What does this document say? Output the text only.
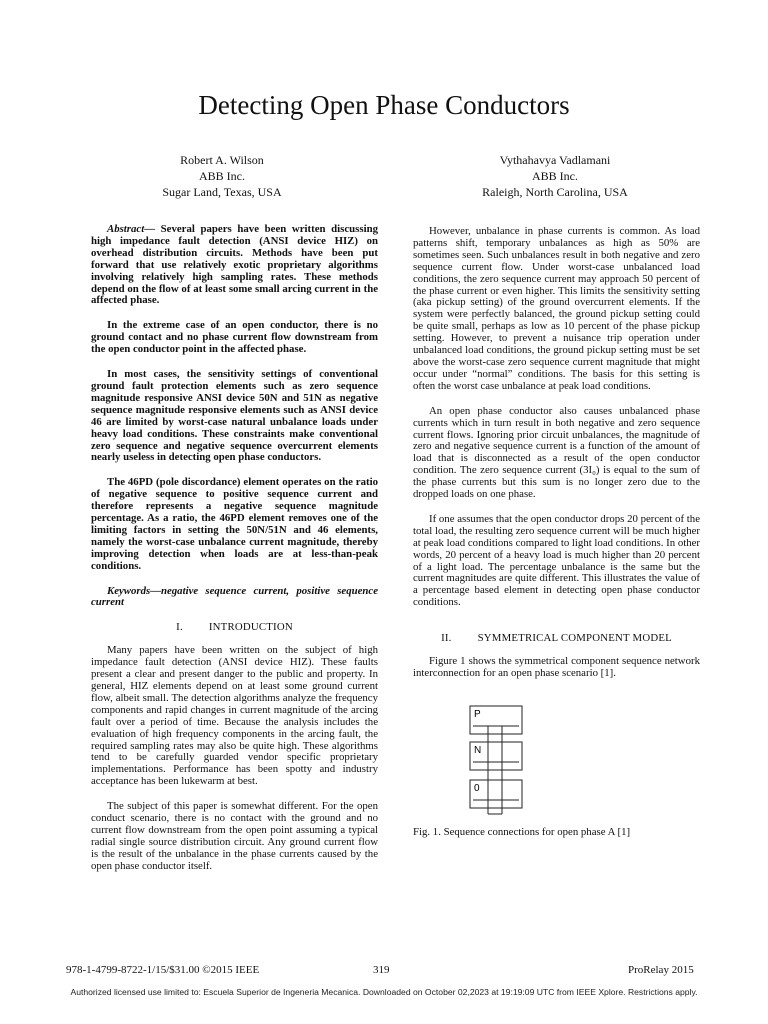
Detecting Open Phase Conductors
Robert A. Wilson
ABB Inc.
Sugar Land, Texas, USA
Vythahavya Vadlamani
ABB Inc.
Raleigh, North Carolina, USA

Abstract— Several papers have been written discussing high impedance fault detection (ANSI device HIZ) on overhead distribution circuits. Methods have been put forward that use relatively exotic proprietary algorithms involving relatively high sampling rates. These methods depend on the flow of at least some small arcing current in the affected phase.

In the extreme case of an open conductor, there is no ground contact and no phase current flow downstream from the open conductor point in the affected phase.

In most cases, the sensitivity settings of conventional ground fault protection elements such as zero sequence magnitude responsive ANSI device 50N and 51N as negative sequence magnitude responsive elements such as ANSI device 46 are limited by worst-case natural unbalance loads under heavy load conditions. These constraints make conventional zero sequence and negative sequence overcurrent elements nearly useless in detecting open phase conductors.

The 46PD (pole discordance) element operates on the ratio of negative sequence to positive sequence current and therefore represents a negative sequence magnitude percentage. As a ratio, the 46PD element removes one of the limiting factors in setting the 50N/51N and 46 elements, namely the worst-case unbalance current magnitude, thereby improving detection when loads are at less-than-peak conditions.

Keywords—negative sequence current, positive sequence current

I. INTRODUCTION

Many papers have been written on the subject of high impedance fault detection (ANSI device HIZ). These faults present a clear and present danger to the public and property. In general, HIZ elements depend on at least some ground current flow, albeit small. The detection algorithms analyze the frequency components and rapid changes in current magnitude of the arcing fault over a period of time. Because the analysis includes the evaluation of high frequency components in the arcing fault, the required sampling rates may also be quite high. These algorithms tend to be carefully guarded vendor specific proprietary implementations. Performance has been spotty and industry acceptance has been lukewarm at best.

The subject of this paper is somewhat different. For the open conduct scenario, there is no contact with the ground and no current flow downstream from the open point assuming a typical radial single source distribution circuit. Any ground current flow is the result of the unbalance in the phase currents caused by the open phase conductor itself.

However, unbalance in phase currents is common. As load patterns shift, temporary unbalances as high as 50% are sometimes seen. Such unbalances result in both negative and zero sequence current flow. Under worst-case unbalanced load conditions, the zero sequence current may approach 50 percent of the phase current or even higher. This limits the sensitivity setting (aka pickup setting) of the ground overcurrent elements. If the system were perfectly balanced, the ground pickup setting could be quite small, perhaps as low as 10 percent of the phase pickup setting. However, to prevent a nuisance trip operation under unbalanced load conditions, the ground pickup setting must be set above the worst-case zero sequence current magnitude that might occur under “normal” conditions. The basis for this setting is often the worst case unbalance at peak load conditions.

An open phase conductor also causes unbalanced phase currents which in turn result in both negative and zero sequence current flows. Ignoring prior circuit unbalances, the magnitude of zero and negative sequence current is a function of the amount of load that is disconnected as a result of the open conductor condition. The zero sequence current (3I₀) is equal to the sum of the phase currents but this sum is no longer zero due to the dropped loads on one phase.

If one assumes that the open conductor drops 20 percent of the total load, the resulting zero sequence current will be much higher at peak load conditions compared to light load conditions. In other words, 20 percent of a heavy load is much higher than 20 percent of a light load. The percentage unbalance is the same but the current magnitudes are quite different. This illustrates the value of a percentage based element in detecting open phase conductor conditions.

II. SYMMETRICAL COMPONENT MODEL

Figure 1 shows the symmetrical component sequence network interconnection for an open phase scenario [1].

P
N
0
Fig. 1. Sequence connections for open phase A [1]
978-1-4799-8722-1/15/$31.00 ©2015 IEEE	319	ProRelay 2015
Authorized licensed use limited to: Escuela Superior de Ingeneria Mecanica. Downloaded on October 02,2023 at 19:19:09 UTC from IEEE Xplore. Restrictions apply.
